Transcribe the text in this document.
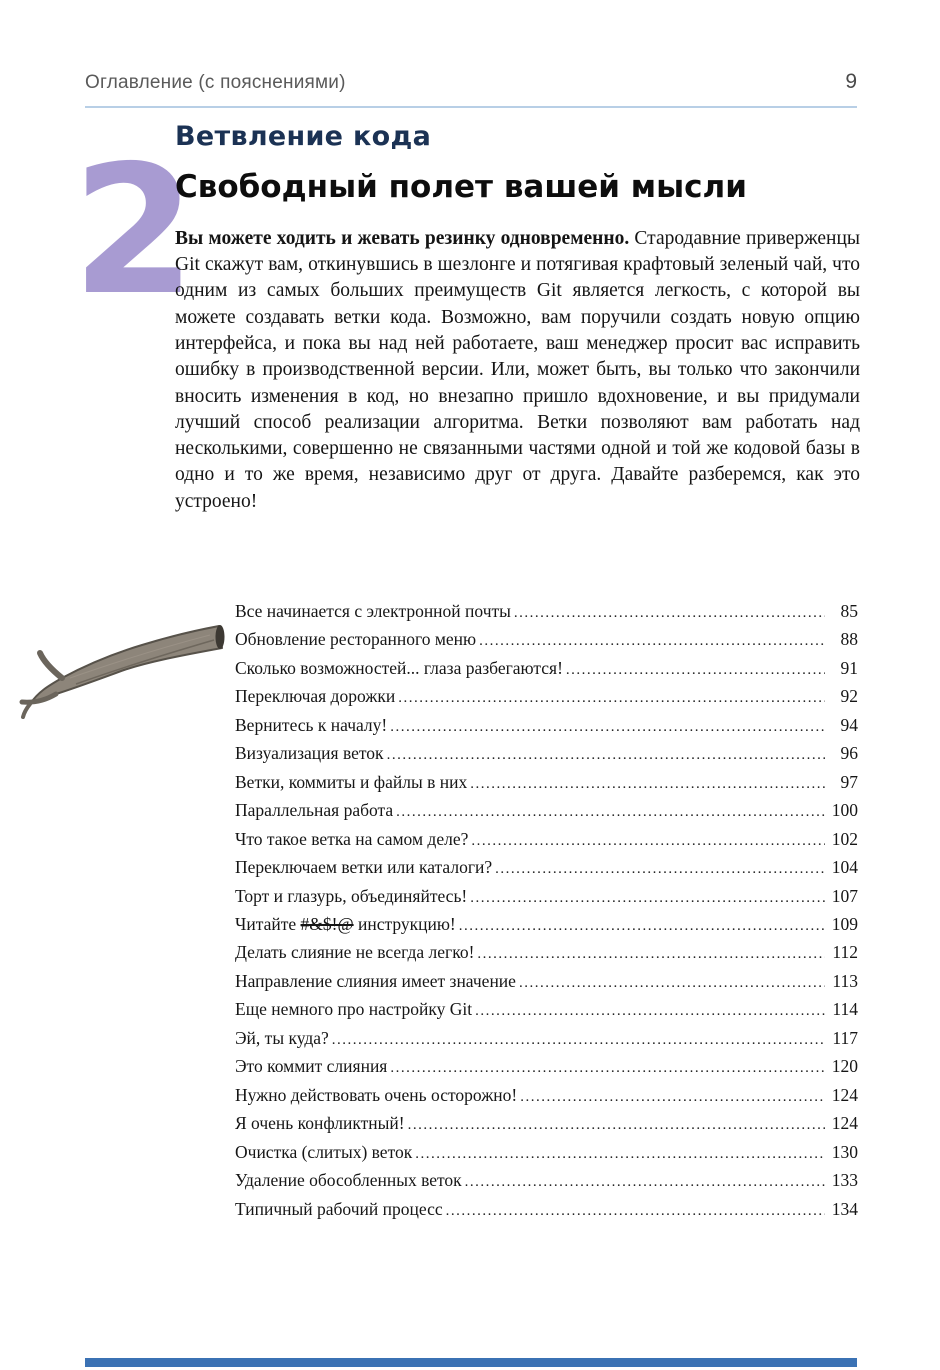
Оглавление (с пояснениями)	9
2
Ветвление кода
Свободный полет вашей мысли

Вы можете ходить и жевать резинку одновременно. Стародавние приверженцы Git скажут вам, откинувшись в шезлонге и потягивая крафтовый зеленый чай, что одним из самых больших преимуществ Git является легкость, с которой вы можете создавать ветки кода. Возможно, вам поручили создать новую опцию интерфейса, и пока вы над ней работаете, ваш менеджер просит вас исправить ошибку в производственной версии. Или, может быть, вы только что закончили вносить изменения в код, но внезапно пришло вдохновение, и вы придумали лучший способ реализации алгоритма. Ветки позволяют вам работать над несколькими, совершенно не связанными частями одной и той же кодовой базы в одно и то же время, независимо друг от друга. Давайте разберемся, как это устроено!

Все начинается с электронной почты .....	85
Обновление ресторанного меню .....	88
Сколько возможностей... глаза разбегаются! .....	91
Переключая дорожки .....	92
Вернитесь к началу! .....	94
Визуализация веток .....	96
Ветки, коммиты и файлы в них .....	97
Параллельная работа .....	100
Что такое ветка на самом деле? .....	102
Переключаем ветки или каталоги? .....	104
Торт и глазурь, объединяйтесь! .....	107
Читайте #&$!@ инструкцию! .....	109
Делать слияние не всегда легко! .....	112
Направление слияния имеет значение .....	113
Еще немного про настройку Git .....	114
Эй, ты куда? .....	117
Это коммит слияния .....	120
Нужно действовать очень осторожно! .....	124
Я очень конфликтный! .....	124
Очистка (слитых) веток .....	130
Удаление обособленных веток .....	133
Типичный рабочий процесс .....	134
